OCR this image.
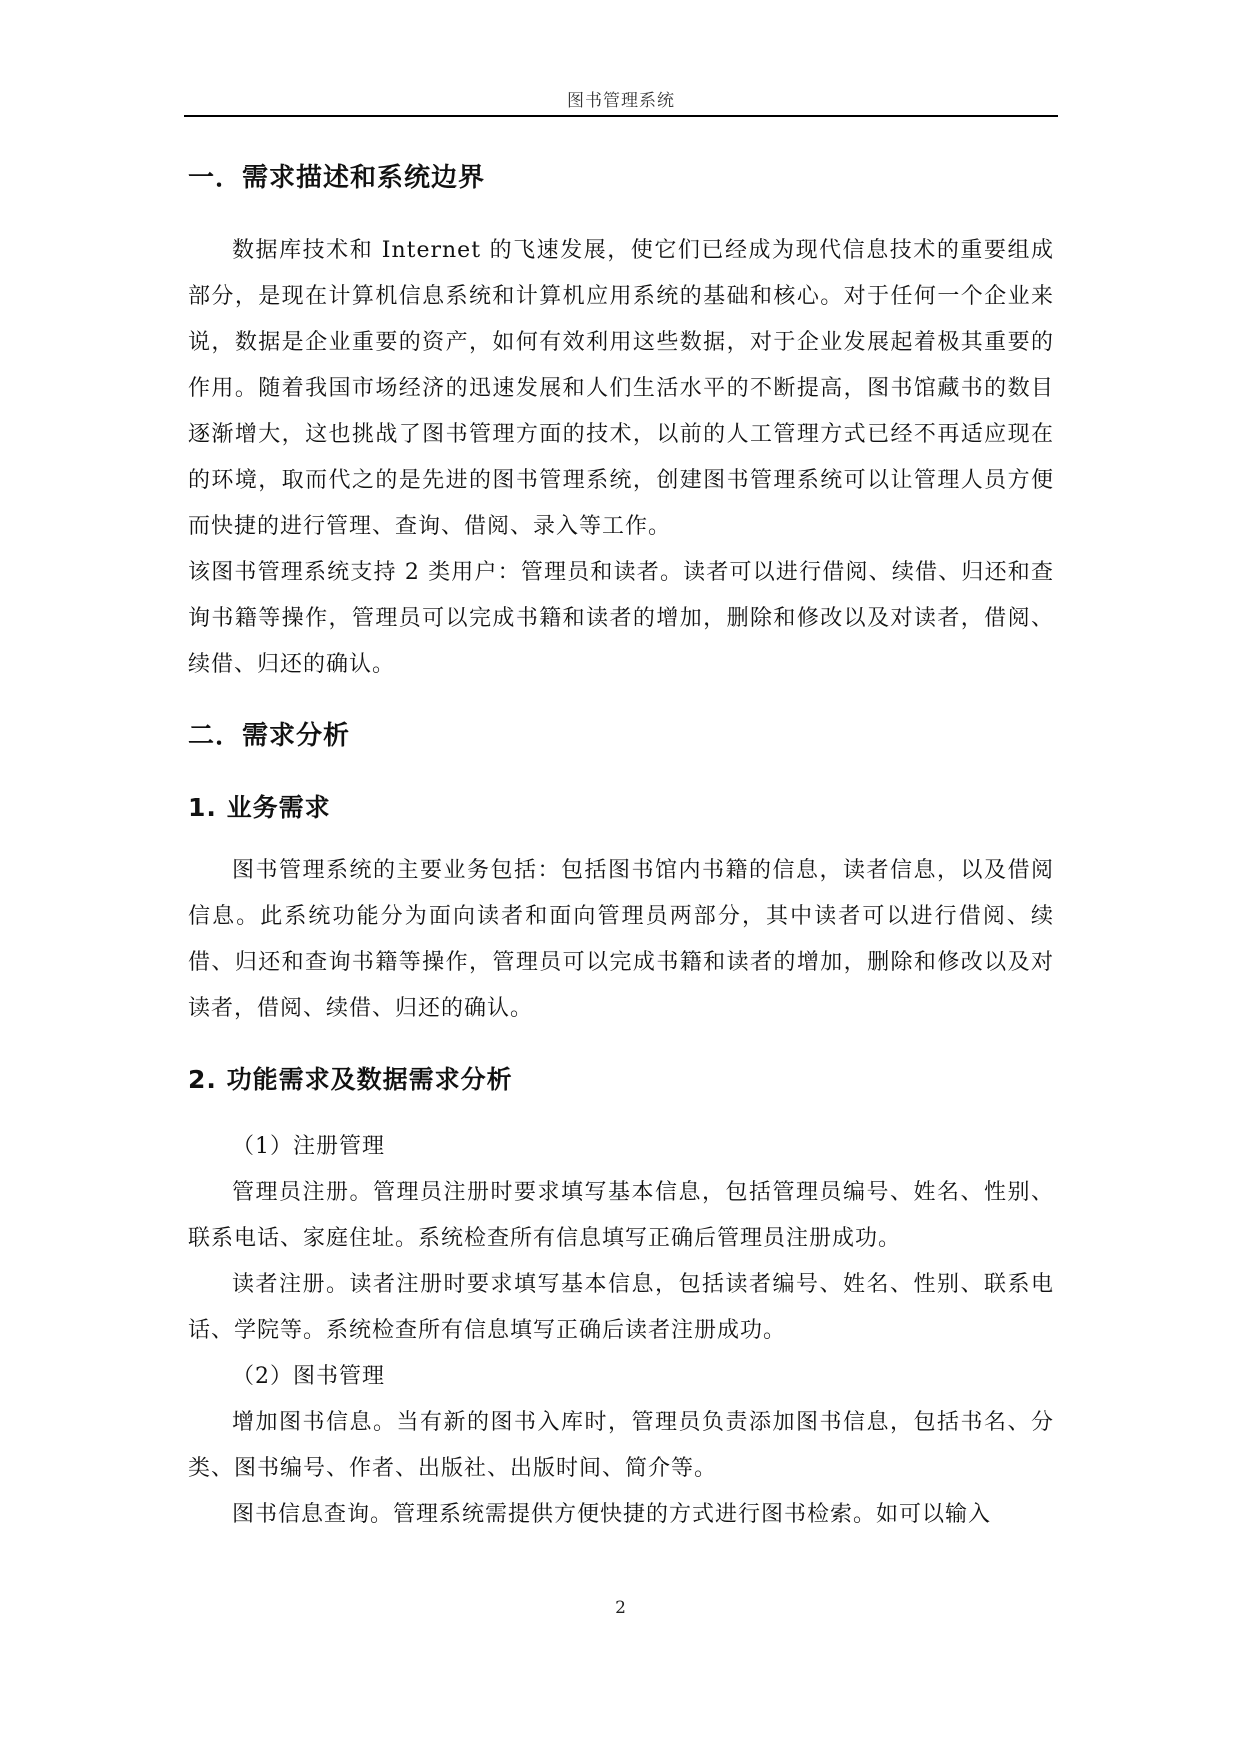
图书管理系统
一．需求描述和系统边界

数据库技术和 Internet 的飞速发展，使它们已经成为现代信息技术的重要组成部分，是现在计算机信息系统和计算机应用系统的基础和核心。对于任何一个企业来说，数据是企业重要的资产，如何有效利用这些数据，对于企业发展起着极其重要的作用。随着我国市场经济的迅速发展和人们生活水平的不断提高，图书馆藏书的数目逐渐增大，这也挑战了图书管理方面的技术，以前的人工管理方式已经不再适应现在的环境，取而代之的是先进的图书管理系统，创建图书管理系统可以让管理人员方便而快捷的进行管理、查询、借阅、录入等工作。

该图书管理系统支持 2 类用户：管理员和读者。读者可以进行借阅、续借、归还和查询书籍等操作，管理员可以完成书籍和读者的增加，删除和修改以及对读者，借阅、续借、归还的确认。

二．需求分析
1. 业务需求

图书管理系统的主要业务包括：包括图书馆内书籍的信息，读者信息，以及借阅信息。此系统功能分为面向读者和面向管理员两部分，其中读者可以进行借阅、续借、归还和查询书籍等操作，管理员可以完成书籍和读者的增加，删除和修改以及对读者，借阅、续借、归还的确认。

2. 功能需求及数据需求分析

（1）注册管理

管理员注册。管理员注册时要求填写基本信息，包括管理员编号、姓名、性别、联系电话、家庭住址。系统检查所有信息填写正确后管理员注册成功。

读者注册。读者注册时要求填写基本信息，包括读者编号、姓名、性别、联系电话、学院等。系统检查所有信息填写正确后读者注册成功。

（2）图书管理

增加图书信息。当有新的图书入库时，管理员负责添加图书信息，包括书名、分类、图书编号、作者、出版社、出版时间、简介等。

图书信息查询。管理系统需提供方便快捷的方式进行图书检索。如可以输入

2
